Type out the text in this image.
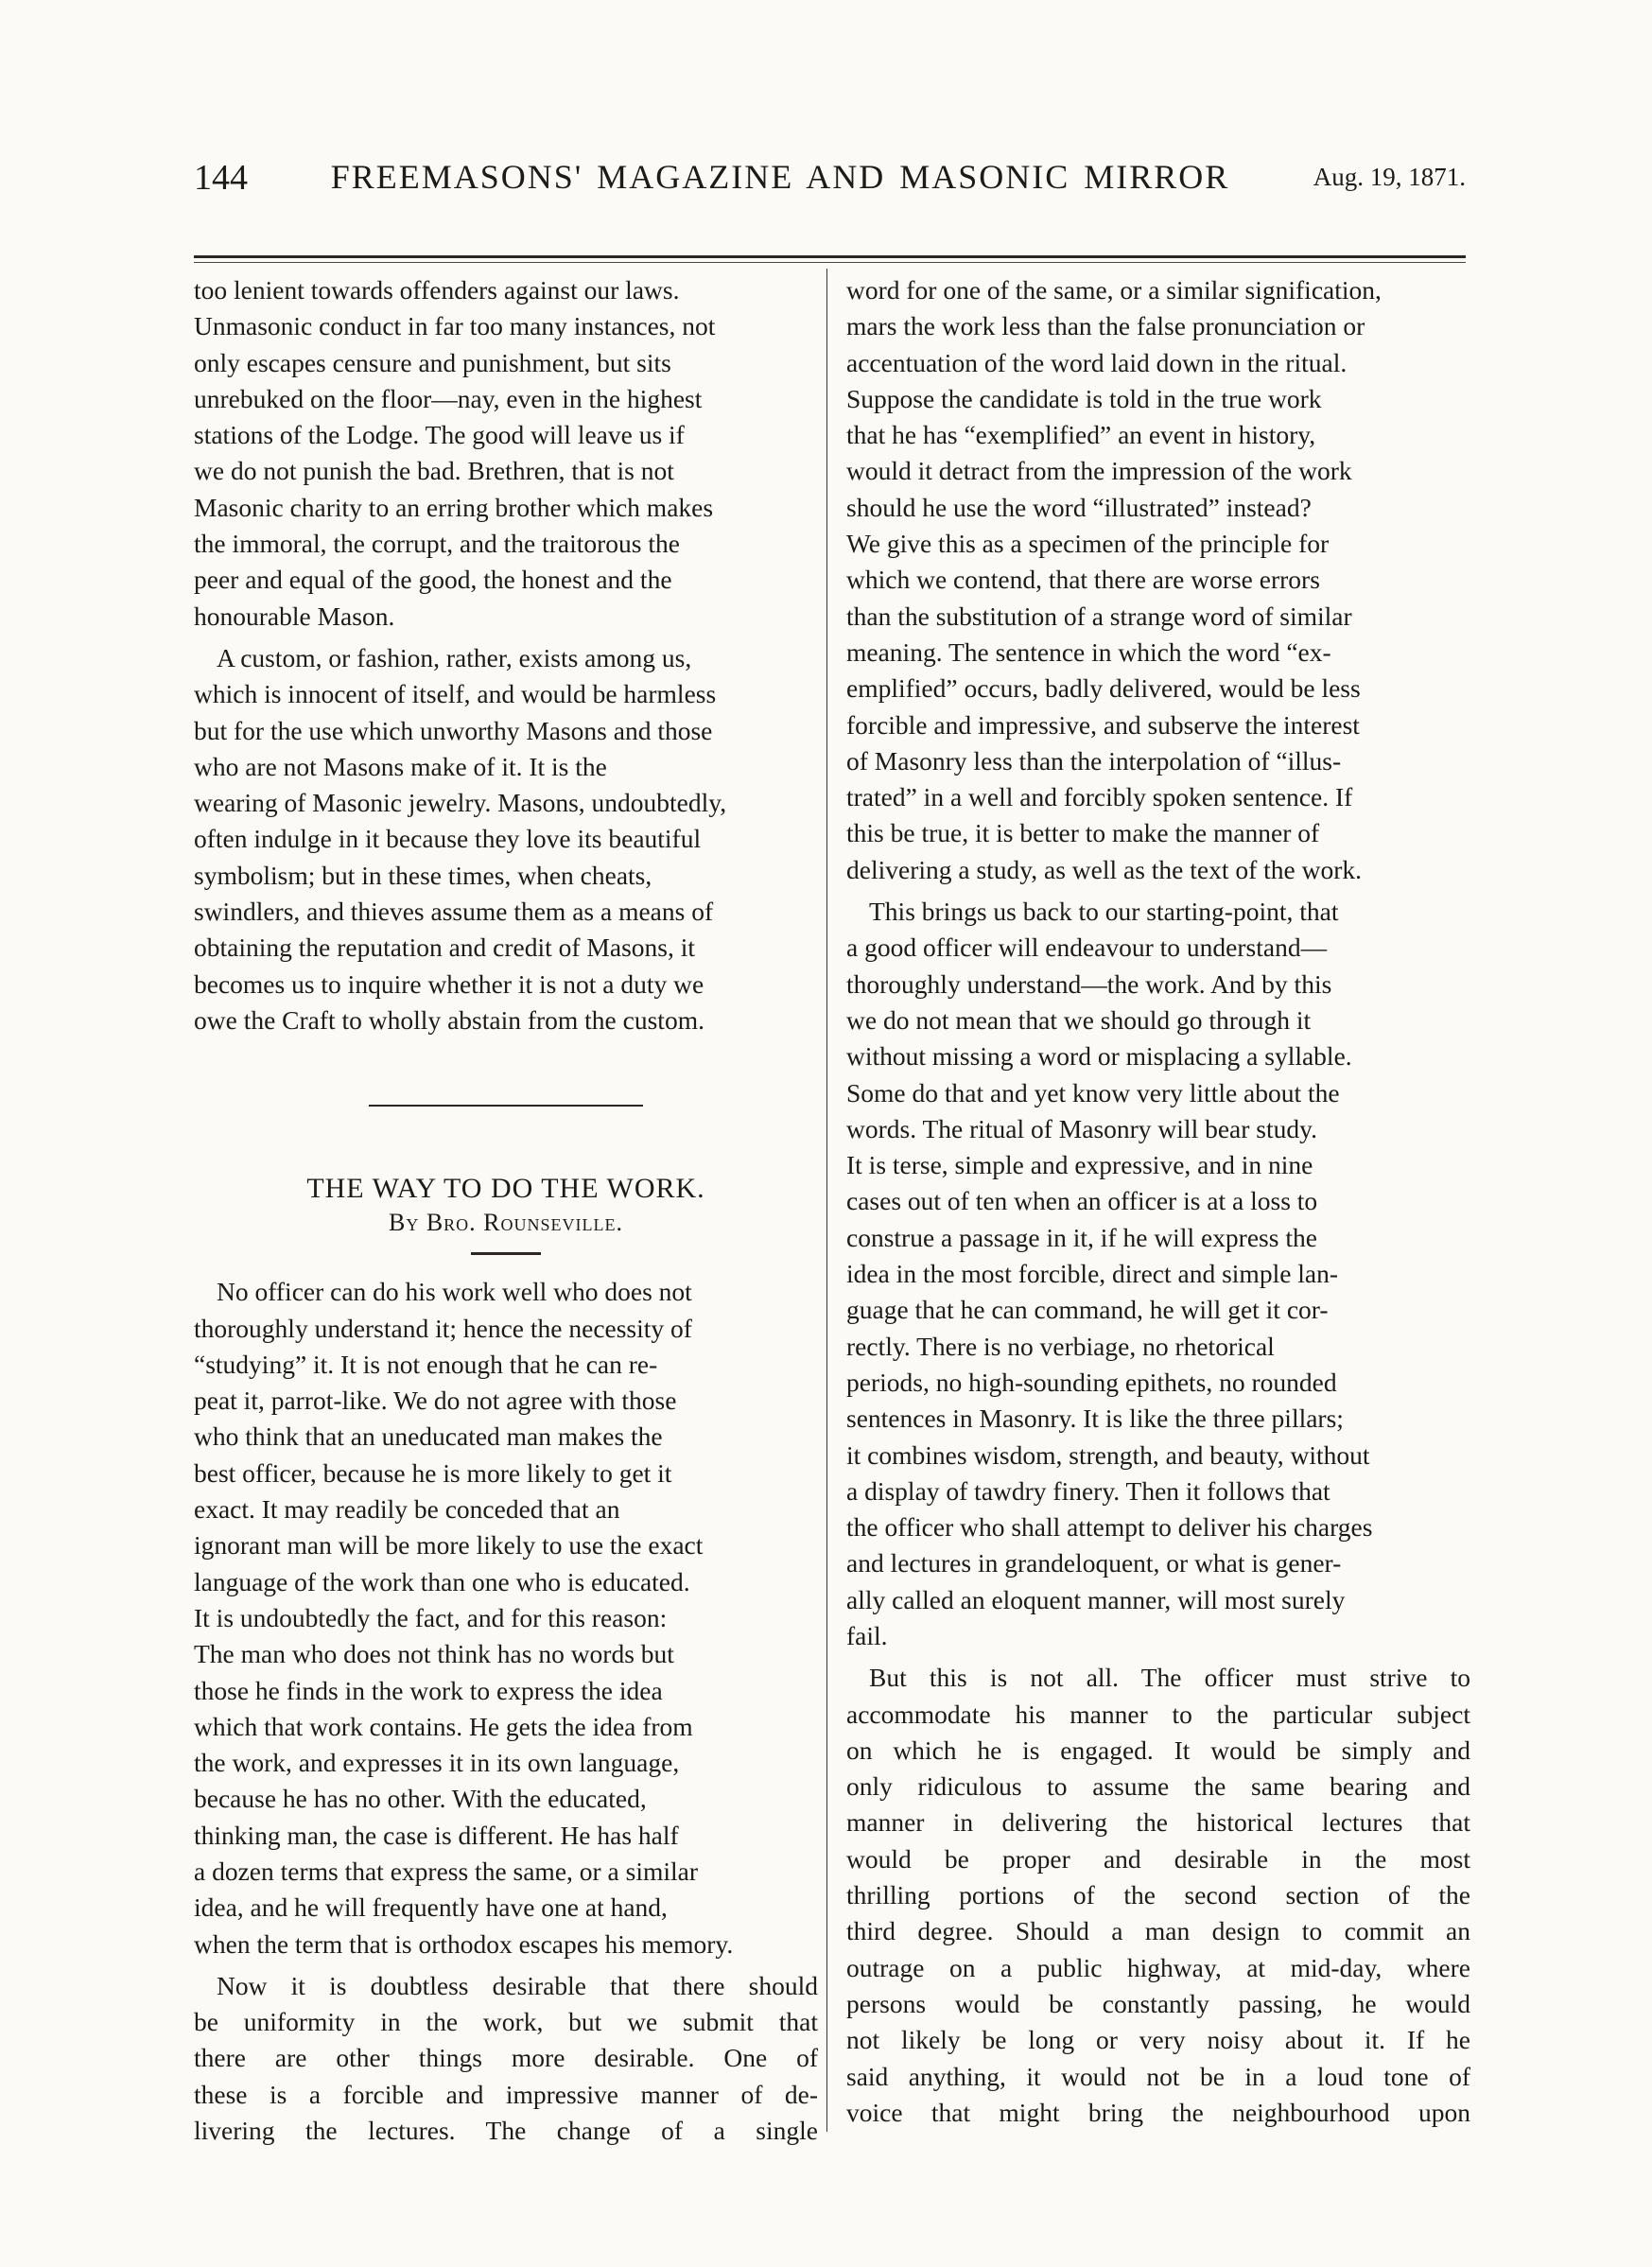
144	FREEMASONS' MAGAZINE AND MASONIC MIRROR	Aug. 19, 1871.

too lenient towards offenders against our laws.
Unmasonic conduct in far too many instances, not
only escapes censure and punishment, but sits
unrebuked on the floor—nay, even in the highest
stations of the Lodge. The good will leave us if
we do not punish the bad. Brethren, that is not
Masonic charity to an erring brother which makes
the immoral, the corrupt, and the traitorous the
peer and equal of the good, the honest and the
honourable Mason.

A custom, or fashion, rather, exists among us,
which is innocent of itself, and would be harmless
but for the use which unworthy Masons and those
who are not Masons make of it. It is the
wearing of Masonic jewelry. Masons, undoubtedly,
often indulge in it because they love its beautiful
symbolism; but in these times, when cheats,
swindlers, and thieves assume them as a means of
obtaining the reputation and credit of Masons, it
becomes us to inquire whether it is not a duty we
owe the Craft to wholly abstain from the custom.

THE WAY TO DO THE WORK.
By Bro. Rounseville.

No officer can do his work well who does not
thoroughly understand it; hence the necessity of
“studying” it. It is not enough that he can re-
peat it, parrot-like. We do not agree with those
who think that an uneducated man makes the
best officer, because he is more likely to get it
exact. It may readily be conceded that an
ignorant man will be more likely to use the exact
language of the work than one who is educated.
It is undoubtedly the fact, and for this reason:
The man who does not think has no words but
those he finds in the work to express the idea
which that work contains. He gets the idea from
the work, and expresses it in its own language,
because he has no other. With the educated,
thinking man, the case is different. He has half
a dozen terms that express the same, or a similar
idea, and he will frequently have one at hand,
when the term that is orthodox escapes his memory.

Now it is doubtless desirable that there should
be uniformity in the work, but we submit that
there are other things more desirable. One of
these is a forcible and impressive manner of de-
livering the lectures. The change of a single

word for one of the same, or a similar signification,
mars the work less than the false pronunciation or
accentuation of the word laid down in the ritual.
Suppose the candidate is told in the true work
that he has “exemplified” an event in history,
would it detract from the impression of the work
should he use the word “illustrated” instead?
We give this as a specimen of the principle for
which we contend, that there are worse errors
than the substitution of a strange word of similar
meaning. The sentence in which the word “ex-
emplified” occurs, badly delivered, would be less
forcible and impressive, and subserve the interest
of Masonry less than the interpolation of “illus-
trated” in a well and forcibly spoken sentence. If
this be true, it is better to make the manner of
delivering a study, as well as the text of the work.

This brings us back to our starting-point, that
a good officer will endeavour to understand—
thoroughly understand—the work. And by this
we do not mean that we should go through it
without missing a word or misplacing a syllable.
Some do that and yet know very little about the
words. The ritual of Masonry will bear study.
It is terse, simple and expressive, and in nine
cases out of ten when an officer is at a loss to
construe a passage in it, if he will express the
idea in the most forcible, direct and simple lan-
guage that he can command, he will get it cor-
rectly. There is no verbiage, no rhetorical
periods, no high-sounding epithets, no rounded
sentences in Masonry. It is like the three pillars;
it combines wisdom, strength, and beauty, without
a display of tawdry finery. Then it follows that
the officer who shall attempt to deliver his charges
and lectures in grandeloquent, or what is gener-
ally called an eloquent manner, will most surely
fail.

But this is not all. The officer must strive to
accommodate his manner to the particular subject
on which he is engaged. It would be simply and
only ridiculous to assume the same bearing and
manner in delivering the historical lectures that
would be proper and desirable in the most
thrilling portions of the second section of the
third degree. Should a man design to commit an
outrage on a public highway, at mid-day, where
persons would be constantly passing, he would
not likely be long or very noisy about it. If he
said anything, it would not be in a loud tone of
voice that might bring the neighbourhood upon
